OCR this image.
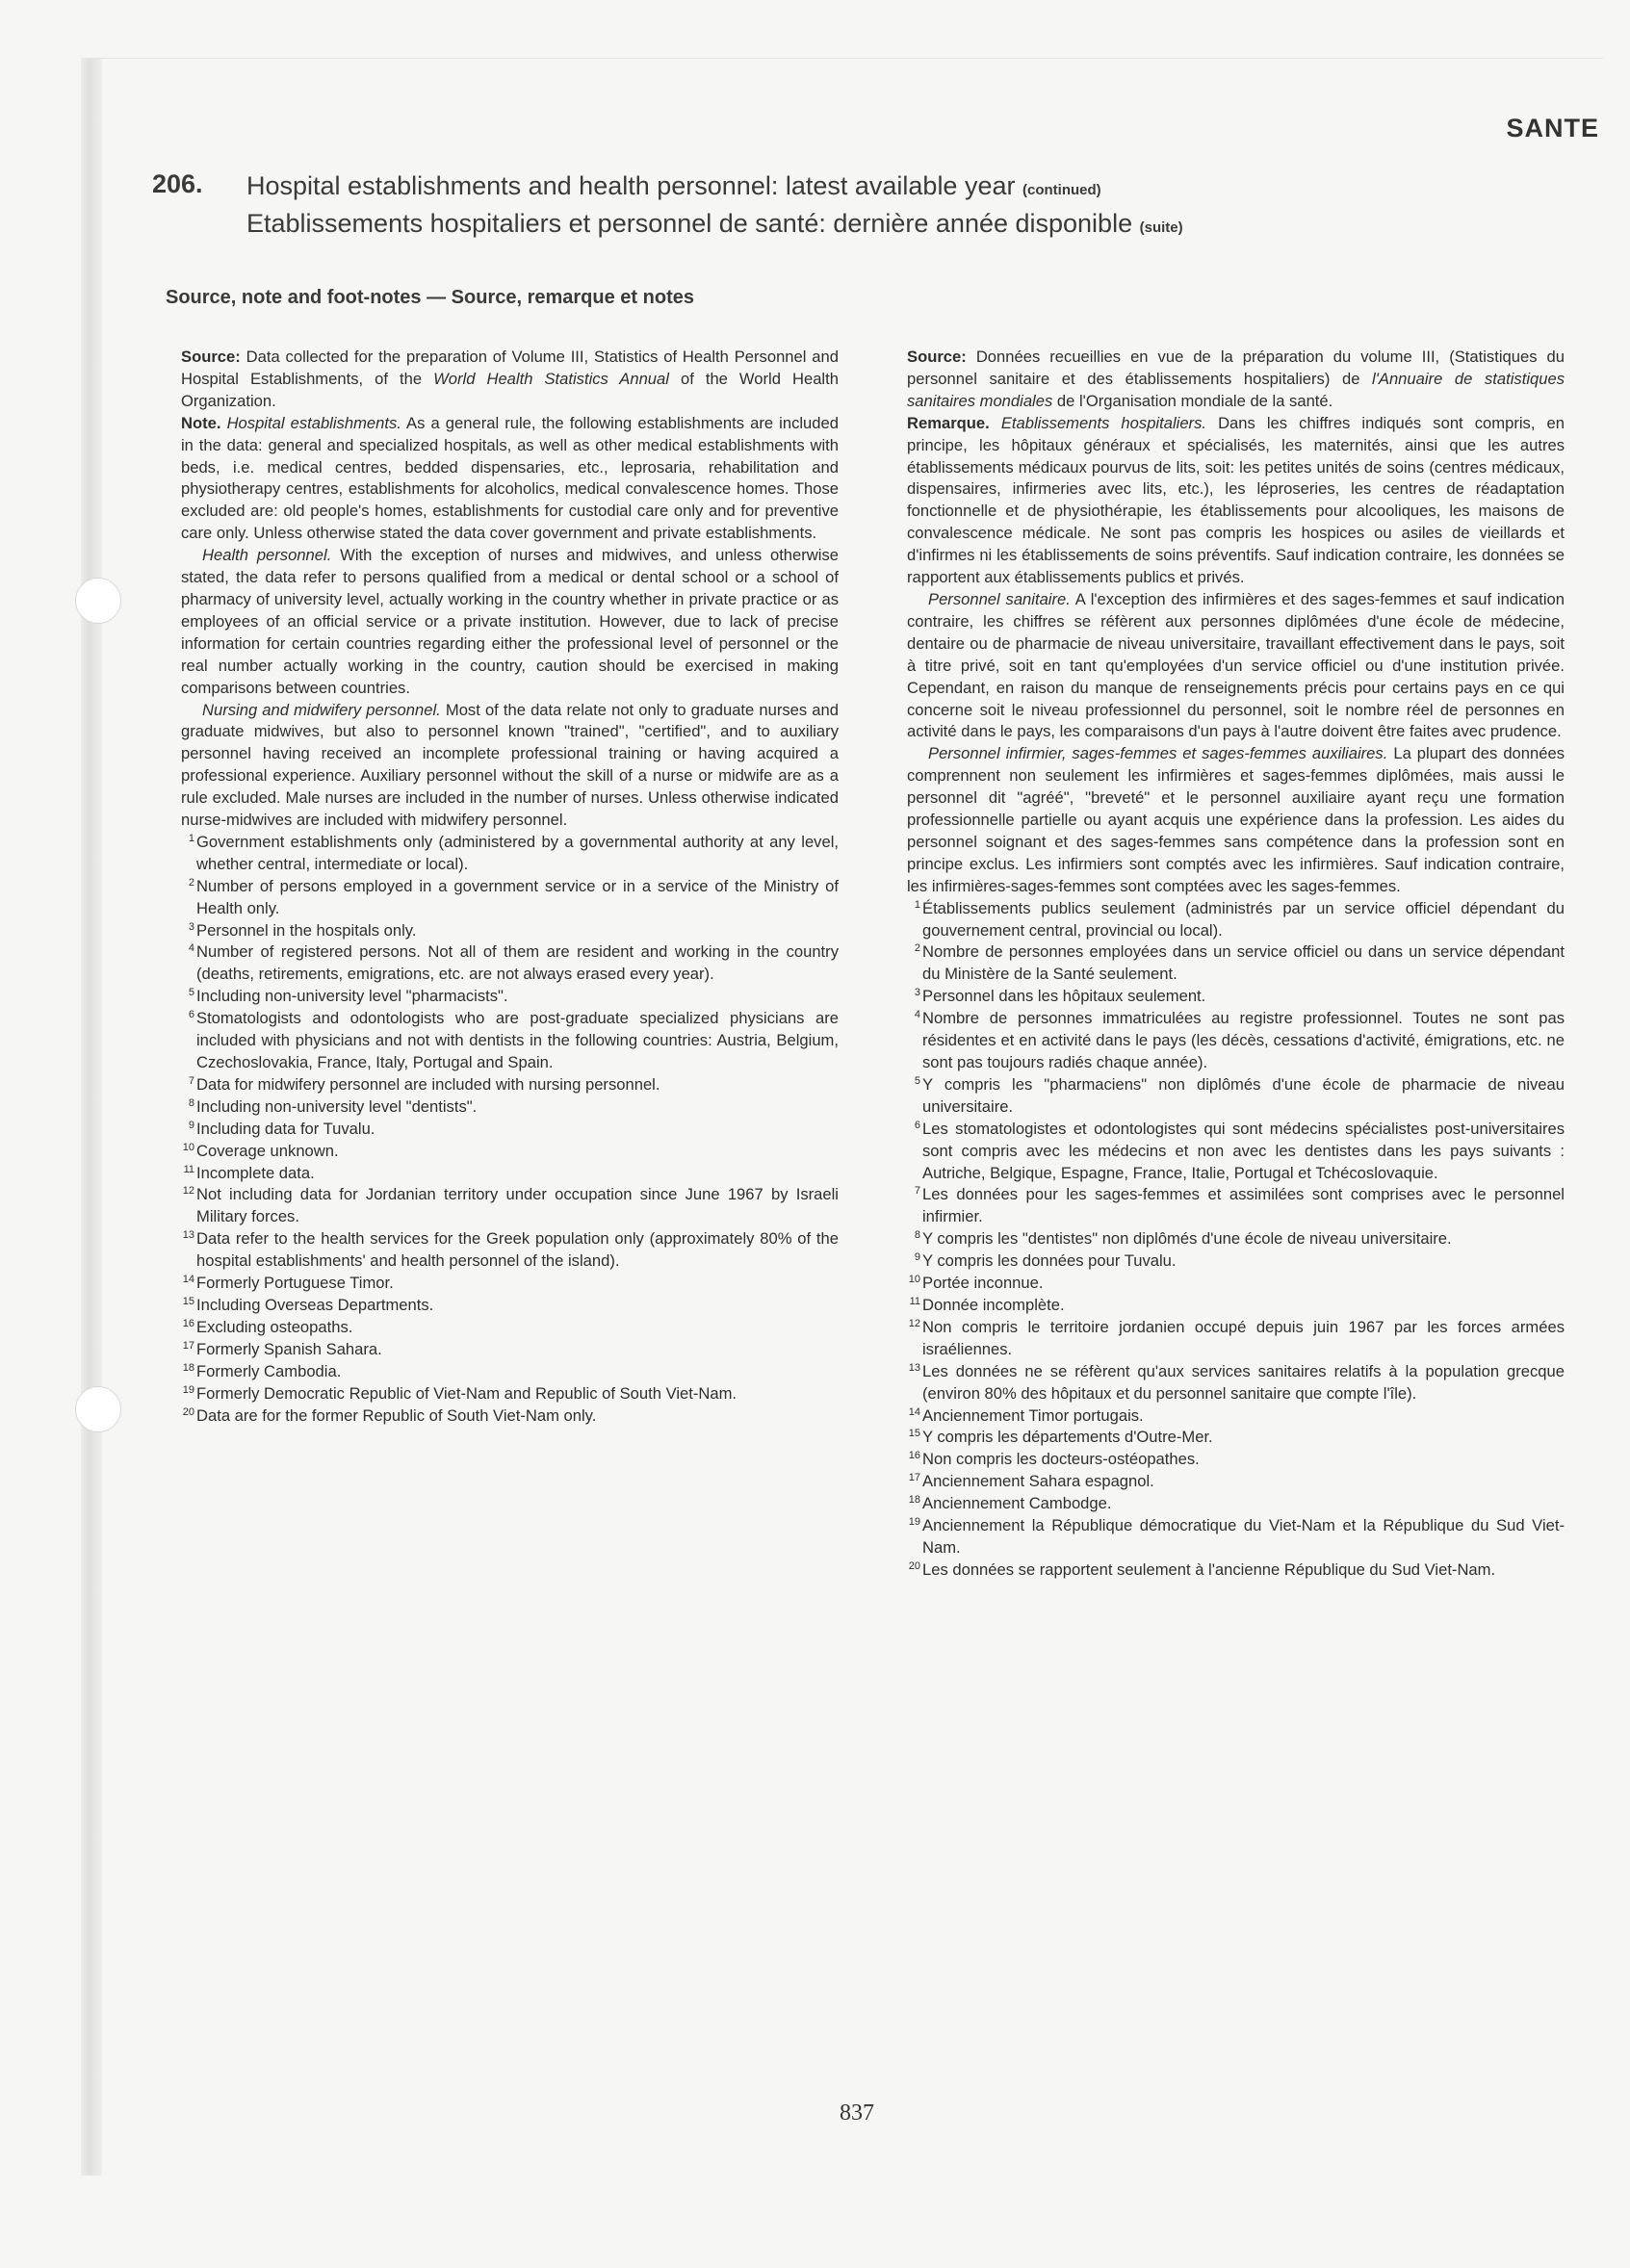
SANTE
206. Hospital establishments and health personnel: latest available year (continued)
Etablissements hospitaliers et personnel de santé: dernière année disponible (suite)
Source, note and foot-notes — Source, remarque et notes

Source: Data collected for the preparation of Volume III, Statistics of Health Personnel and Hospital Establishments, of the World Health Statistics Annual of the World Health Organization.

Note. Hospital establishments. As a general rule, the following establishments are included in the data: general and specialized hospitals, as well as other medical establishments with beds, i.e. medical centres, bedded dispensaries, etc., leprosaria, rehabilitation and physiotherapy centres, establishments for alcoholics, medical convalescence homes. Those excluded are: old people's homes, establishments for custodial care only and for preventive care only. Unless otherwise stated the data cover government and private establishments.

Health personnel. With the exception of nurses and midwives, and unless otherwise stated, the data refer to persons qualified from a medical or dental school or a school of pharmacy of university level, actually working in the country whether in private practice or as employees of an official service or a private institution. However, due to lack of precise information for certain countries regarding either the professional level of personnel or the real number actually working in the country, caution should be exercised in making comparisons between countries.

Nursing and midwifery personnel. Most of the data relate not only to graduate nurses and graduate midwives, but also to personnel known "trained", "certified", and to auxiliary personnel having received an incomplete professional training or having acquired a professional experience. Auxiliary personnel without the skill of a nurse or midwife are as a rule excluded. Male nurses are included in the number of nurses. Unless otherwise indicated nurse-midwives are included with midwifery personnel.

1 Government establishments only (administered by a governmental authority at any level, whether central, intermediate or local).
2 Number of persons employed in a government service or in a service of the Ministry of Health only.
3 Personnel in the hospitals only.
4 Number of registered persons. Not all of them are resident and working in the country (deaths, retirements, emigrations, etc. are not always erased every year).
5 Including non-university level "pharmacists".
6 Stomatologists and odontologists who are post-graduate specialized physicians are included with physicians and not with dentists in the following countries: Austria, Belgium, Czechoslovakia, France, Italy, Portugal and Spain.
7 Data for midwifery personnel are included with nursing personnel.
8 Including non-university level "dentists".
9 Including data for Tuvalu.
10 Coverage unknown.
11 Incomplete data.
12 Not including data for Jordanian territory under occupation since June 1967 by Israeli Military forces.
13 Data refer to the health services for the Greek population only (approximately 80% of the hospital establishments' and health personnel of the island).
14 Formerly Portuguese Timor.
15 Including Overseas Departments.
16 Excluding osteopaths.
17 Formerly Spanish Sahara.
18 Formerly Cambodia.
19 Formerly Democratic Republic of Viet-Nam and Republic of South Viet-Nam.
20 Data are for the former Republic of South Viet-Nam only.

Source: Données recueillies en vue de la préparation du volume III, (Statistiques du personnel sanitaire et des établissements hospitaliers) de l'Annuaire de statistiques sanitaires mondiales de l'Organisation mondiale de la santé.

Remarque. Etablissements hospitaliers. Dans les chiffres indiqués sont compris, en principe, les hôpitaux généraux et spécialisés, les maternités, ainsi que les autres établissements médicaux pourvus de lits, soit: les petites unités de soins (centres médicaux, dispensaires, infirmeries avec lits, etc.), les léproseries, les centres de réadaptation fonctionnelle et de physiothérapie, les établissements pour alcooliques, les maisons de convalescence médicale. Ne sont pas compris les hospices ou asiles de vieillards et d'infirmes ni les établissements de soins préventifs. Sauf indication contraire, les données se rapportent aux établissements publics et privés.

Personnel sanitaire. A l'exception des infirmières et des sages-femmes et sauf indication contraire, les chiffres se réfèrent aux personnes diplômées d'une école de médecine, dentaire ou de pharmacie de niveau universitaire, travaillant effectivement dans le pays, soit à titre privé, soit en tant qu'employées d'un service officiel ou d'une institution privée. Cependant, en raison du manque de renseignements précis pour certains pays en ce qui concerne soit le niveau professionnel du personnel, soit le nombre réel de personnes en activité dans le pays, les comparaisons d'un pays à l'autre doivent être faites avec prudence.

Personnel infirmier, sages-femmes et sages-femmes auxiliaires. La plupart des données comprennent non seulement les infirmières et sages-femmes diplômées, mais aussi le personnel dit "agréé", "breveté" et le personnel auxiliaire ayant reçu une formation professionnelle partielle ou ayant acquis une expérience dans la profession. Les aides du personnel soignant et des sages-femmes sans compétence dans la profession sont en principe exclus. Les infirmiers sont comptés avec les infirmières. Sauf indication contraire, les infirmières-sages-femmes sont comptées avec les sages-femmes.

1 Établissements publics seulement (administrés par un service officiel dépendant du gouvernement central, provincial ou local).
2 Nombre de personnes employées dans un service officiel ou dans un service dépendant du Ministère de la Santé seulement.
3 Personnel dans les hôpitaux seulement.
4 Nombre de personnes immatriculées au registre professionnel. Toutes ne sont pas résidentes et en activité dans le pays (les décès, cessations d'activité, émigrations, etc. ne sont pas toujours radiés chaque année).
5 Y compris les "pharmaciens" non diplômés d'une école de pharmacie de niveau universitaire.
6 Les stomatologistes et odontologistes qui sont médecins spécialistes post-universitaires sont compris avec les médecins et non avec les dentistes dans les pays suivants : Autriche, Belgique, Espagne, France, Italie, Portugal et Tchécoslovaquie.
7 Les données pour les sages-femmes et assimilées sont comprises avec le personnel infirmier.
8 Y compris les "dentistes" non diplômés d'une école de niveau universitaire.
9 Y compris les données pour Tuvalu.
10 Portée inconnue.
11 Donnée incomplète.
12 Non compris le territoire jordanien occupé depuis juin 1967 par les forces armées israéliennes.
13 Les données ne se réfèrent qu'aux services sanitaires relatifs à la population grecque (environ 80% des hôpitaux et du personnel sanitaire que compte l'île).
14 Anciennement Timor portugais.
15 Y compris les départements d'Outre-Mer.
16 Non compris les docteurs-ostéopathes.
17 Anciennement Sahara espagnol.
18 Anciennement Cambodge.
19 Anciennement la République démocratique du Viet-Nam et la République du Sud Viet-Nam.
20 Les données se rapportent seulement à l'ancienne République du Sud Viet-Nam.
837
